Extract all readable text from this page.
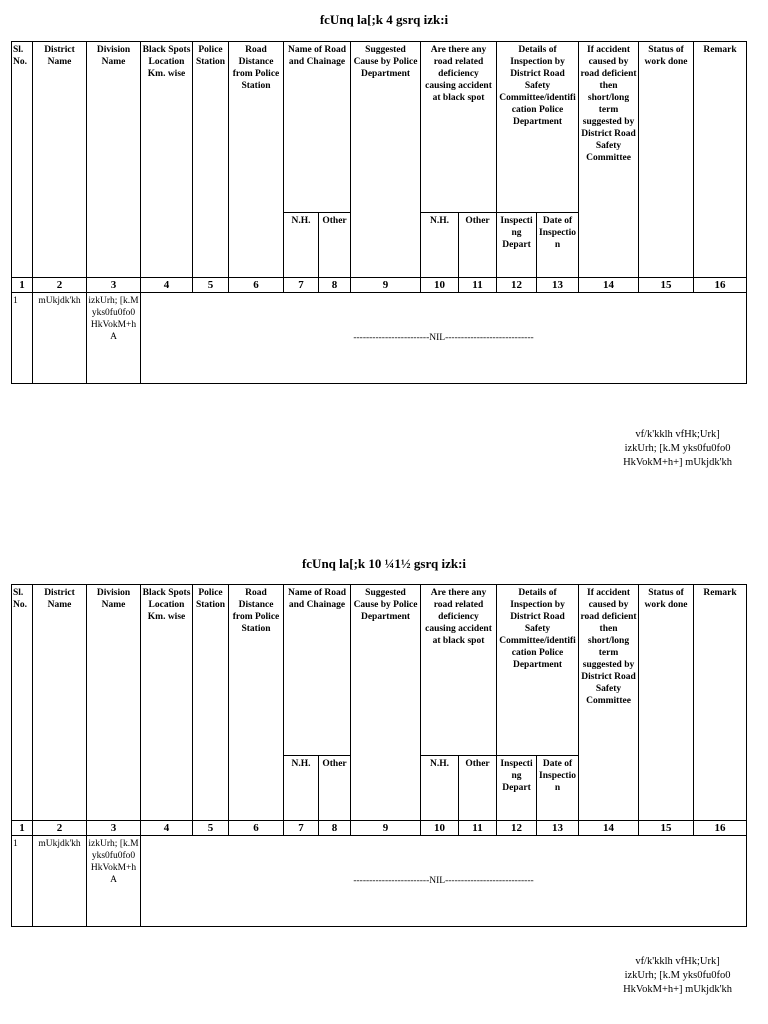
fcUnq la[;k 4 gsrq izk:i
Sl. No.	District Name	Division Name	Black Spots Location Km. wise	Police Station	Road Distance from Police Station	Name of Road and Chainage		Suggested Cause by Police Department	Are there any road related deficiency causing accident at black spot		Details of Inspection by District Road Safety Committee/identification Police Department		If accident caused by road deficient then short/long term suggested by District Road Safety Committee	Status of work done	Remark
						N.H.	Other		N.H.	Other	Inspecting Depart	Date of Inspection			
1	2	3	4	5	6	7	8	9	10	11	12	13	14	15	16
1	mUkjdk'kh	izkUrh; [k.M yks0fu0fo0 HkVokM+hA	------------------------NIL----------------------------												
vf/k'kklh vfHk;Urk]
izkUrh; [k.M yks0fu0fo0
HkVokM+h+] mUkjdk'kh
fcUnq la[;k 10 ¼1½ gsrq izk:i
Sl. No.	District Name	Division Name	Black Spots Location Km. wise	Police Station	Road Distance from Police Station	Name of Road and Chainage		Suggested Cause by Police Department	Are there any road related deficiency causing accident at black spot		Details of Inspection by District Road Safety Committee/identification Police Department		If accident caused by road deficient then short/long term suggested by District Road Safety Committee	Status of work done	Remark
						N.H.	Other		N.H.	Other	Inspecting Depart	Date of Inspection			
1	2	3	4	5	6	7	8	9	10	11	12	13	14	15	16
1	mUkjdk'kh	izkUrh; [k.M yks0fu0fo0 HkVokM+hA	------------------------NIL----------------------------												
vf/k'kklh vfHk;Urk]
izkUrh; [k.M yks0fu0fo0
HkVokM+h+] mUkjdk'kh
